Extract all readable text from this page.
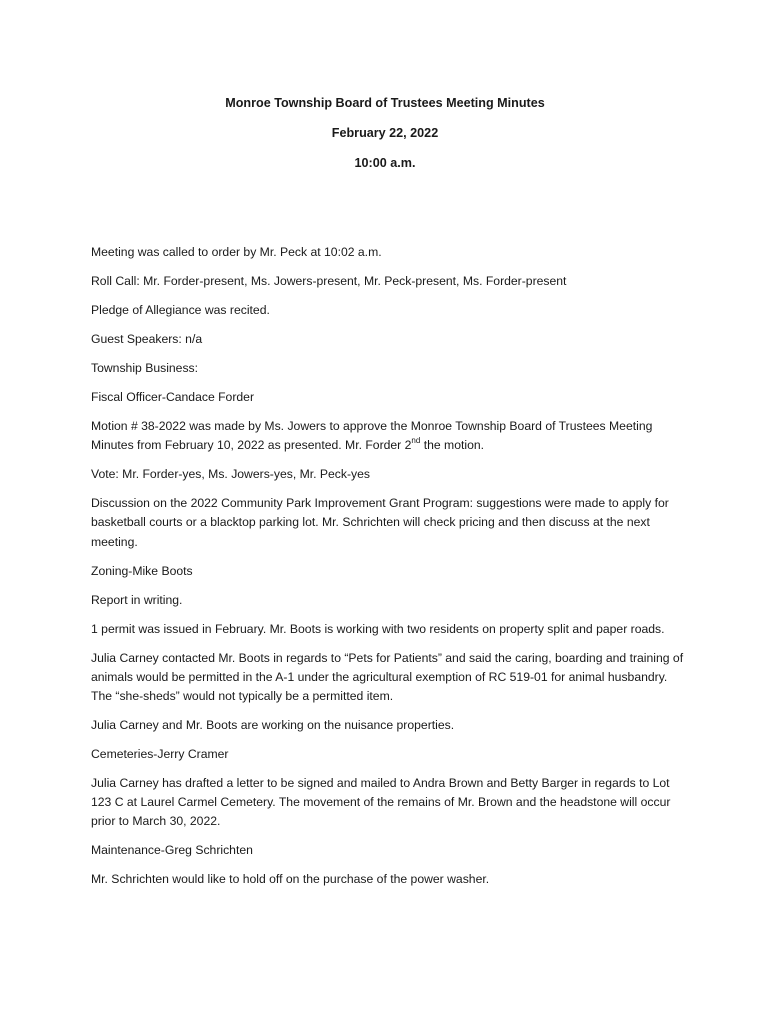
Monroe Township Board of Trustees Meeting Minutes
February 22, 2022
10:00 a.m.

Meeting was called to order by Mr. Peck at 10:02 a.m.

Roll Call: Mr. Forder-present, Ms. Jowers-present, Mr. Peck-present, Ms. Forder-present

Pledge of Allegiance was recited.

Guest Speakers: n/a

Township Business:

Fiscal Officer-Candace Forder

Motion # 38-2022 was made by Ms. Jowers to approve the Monroe Township Board of Trustees Meeting Minutes from February 10, 2022 as presented. Mr. Forder 2nd the motion.

Vote: Mr. Forder-yes, Ms. Jowers-yes, Mr. Peck-yes

Discussion on the 2022 Community Park Improvement Grant Program: suggestions were made to apply for basketball courts or a blacktop parking lot. Mr. Schrichten will check pricing and then discuss at the next meeting.

Zoning-Mike Boots

Report in writing.

1 permit was issued in February. Mr. Boots is working with two residents on property split and paper roads.

Julia Carney contacted Mr. Boots in regards to “Pets for Patients” and said the caring, boarding and training of animals would be permitted in the A-1 under the agricultural exemption of RC 519-01 for animal husbandry. The “she-sheds” would not typically be a permitted item.

Julia Carney and Mr. Boots are working on the nuisance properties.

Cemeteries-Jerry Cramer

Julia Carney has drafted a letter to be signed and mailed to Andra Brown and Betty Barger in regards to Lot 123 C at Laurel Carmel Cemetery. The movement of the remains of Mr. Brown and the headstone will occur prior to March 30, 2022.

Maintenance-Greg Schrichten

Mr. Schrichten would like to hold off on the purchase of the power washer.
